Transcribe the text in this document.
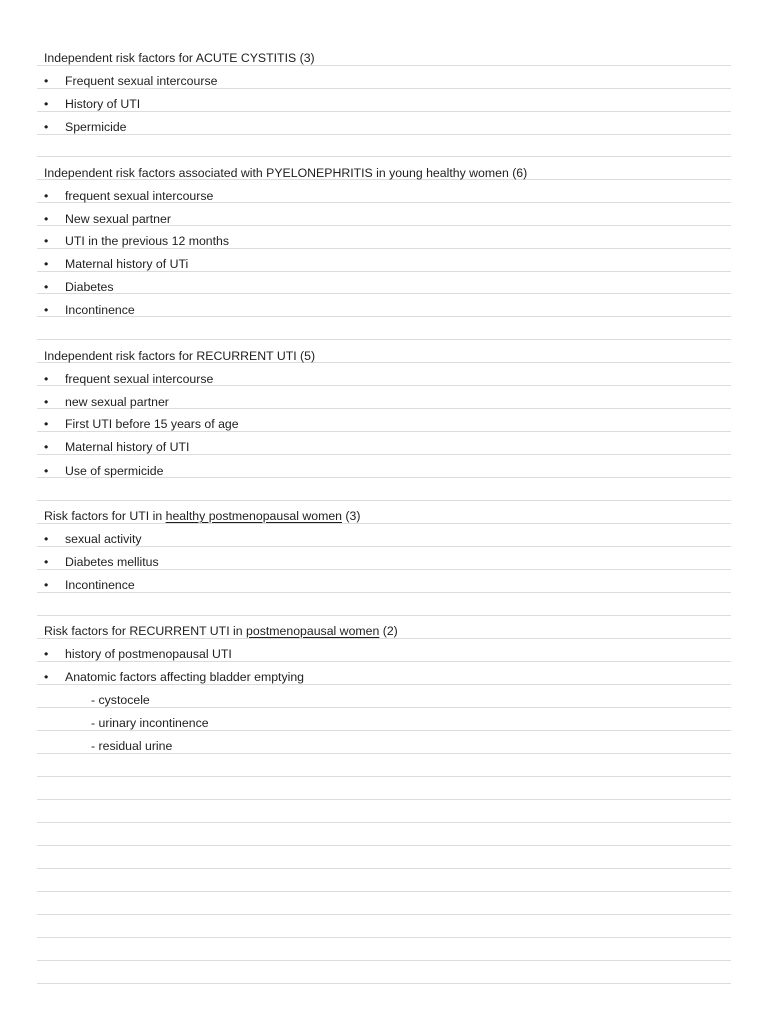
Independent risk factors for ACUTE CYSTITIS (3)
• Frequent sexual intercourse
• History of UTI
• Spermicide
Independent risk factors associated with PYELONEPHRITIS in young healthy women (6)
• frequent sexual intercourse
• New sexual partner
• UTI in the previous 12 months
• Maternal history of UTi
• Diabetes
• Incontinence
Independent risk factors for RECURRENT UTI (5)
• frequent sexual intercourse
• new sexual partner
• First UTI before 15 years of age
• Maternal history of UTI
• Use of spermicide
Risk factors for UTI in healthy postmenopausal women (3)
• sexual activity
• Diabetes mellitus
• Incontinence
Risk factors for RECURRENT UTI in postmenopausal women (2)
• history of postmenopausal UTI
• Anatomic factors affecting bladder emptying
- cystocele
- urinary incontinence
- residual urine
